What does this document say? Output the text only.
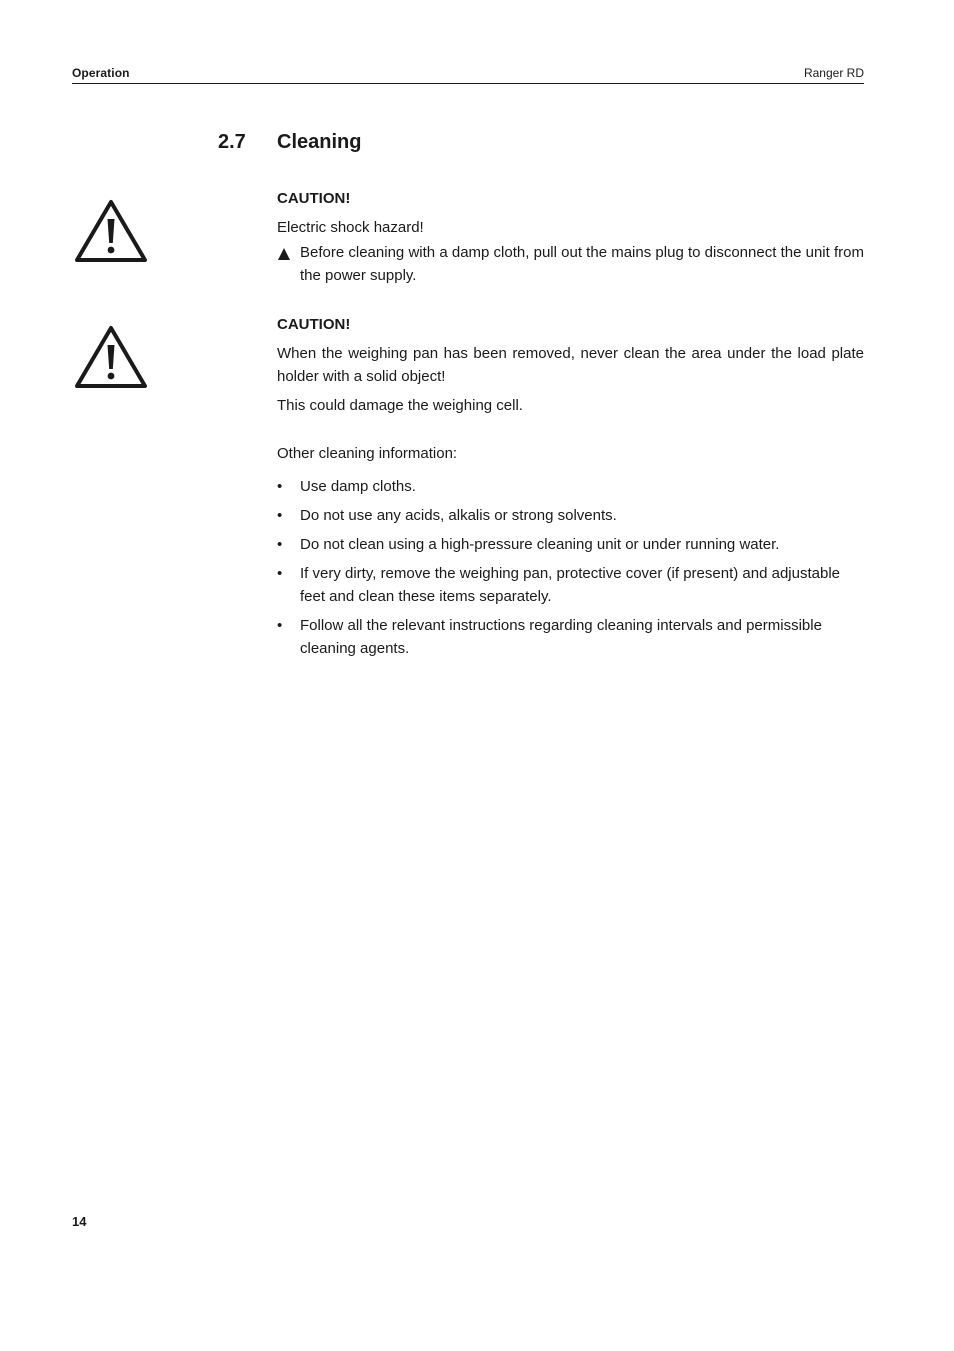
Operation	Ranger RD
2.7 Cleaning

CAUTION!

Electric shock hazard!

Before cleaning with a damp cloth, pull out the mains plug to disconnect the unit from the power supply.

CAUTION!

When the weighing pan has been removed, never clean the area under the load plate holder with a solid object!

This could damage the weighing cell.

Other cleaning information:

• Use damp cloths.
• Do not use any acids, alkalis or strong solvents.
• Do not clean using a high-pressure cleaning unit or under running water.
• If very dirty, remove the weighing pan, protective cover (if present) and adjustable feet and clean these items separately.
• Follow all the relevant instructions regarding cleaning intervals and permissible cleaning agents.
14
